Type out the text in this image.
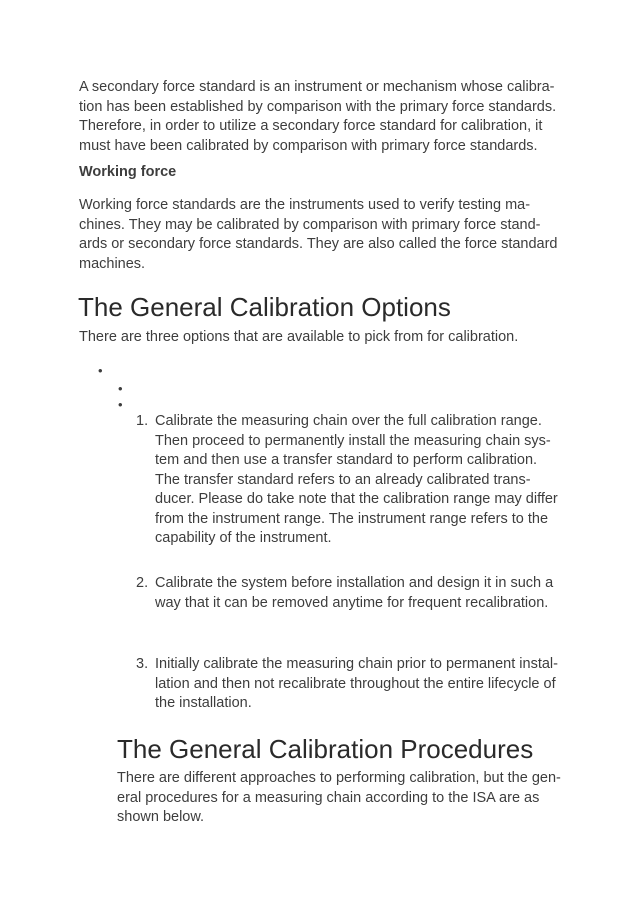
A secondary force standard is an instrument or mechanism whose calibra-
tion has been established by comparison with the primary force standards.
Therefore, in order to utilize a secondary force standard for calibration, it
must have been calibrated by comparison with primary force standards.

Working force

Working force standards are the instruments used to verify testing ma-
chines. They may be calibrated by comparison with primary force stand-
ards or secondary force standards. They are also called the force standard
machines.

The General Calibration Options

There are three options that are available to pick from for calibration.

•
•
•
1. Calibrate the measuring chain over the full calibration range.
Then proceed to permanently install the measuring chain sys-
tem and then use a transfer standard to perform calibration.
The transfer standard refers to an already calibrated trans-
ducer. Please do take note that the calibration range may differ
from the instrument range. The instrument range refers to the
capability of the instrument.

2. Calibrate the system before installation and design it in such a
way that it can be removed anytime for frequent recalibration.

3. Initially calibrate the measuring chain prior to permanent instal-
lation and then not recalibrate throughout the entire lifecycle of
the installation.

The General Calibration Procedures

There are different approaches to performing calibration, but the gen-
eral procedures for a measuring chain according to the ISA are as
shown below.
